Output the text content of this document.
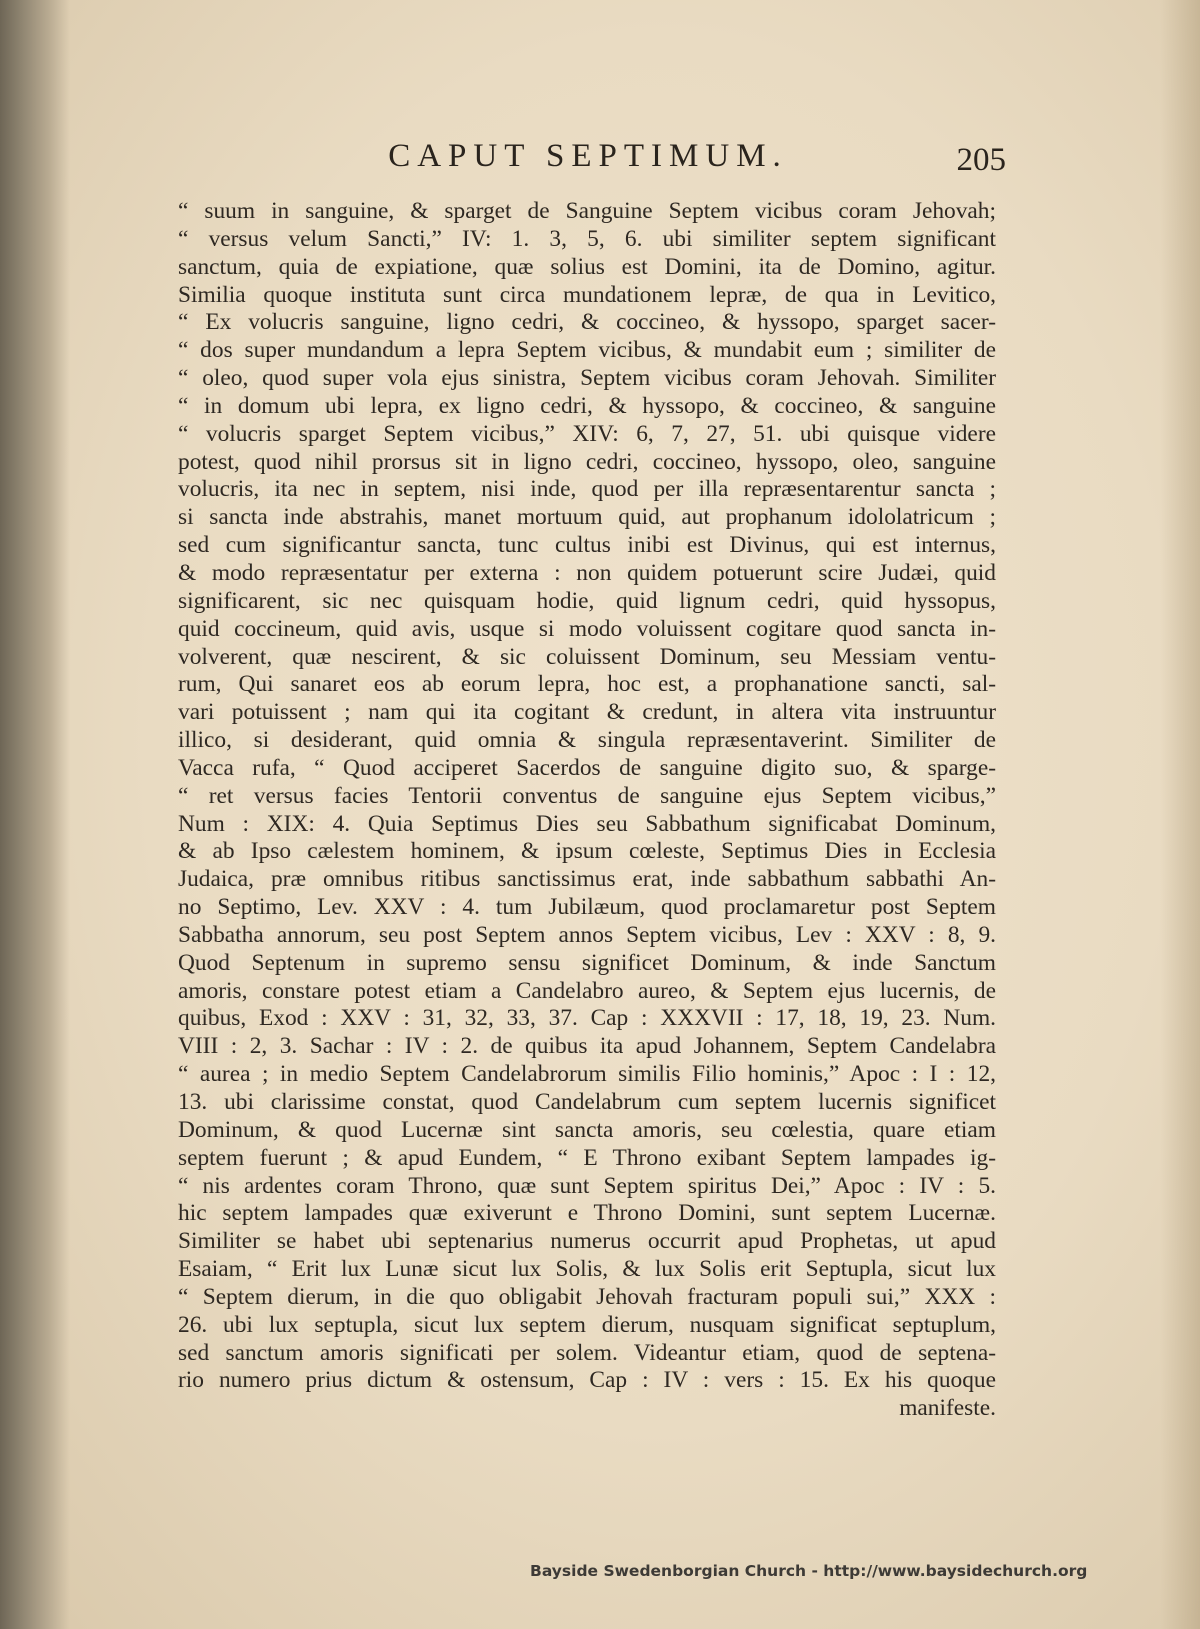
CAPUT SEPTIMUM.	205
“ suum in sanguine, & sparget de Sanguine Septem vicibus coram Jehovah;
“ versus velum Sancti,” IV: 1. 3, 5, 6. ubi similiter septem significant
sanctum, quia de expiatione, quæ solius est Domini, ita de Domino, agitur.
Similia quoque instituta sunt circa mundationem lepræ, de qua in Levitico,
“ Ex volucris sanguine, ligno cedri, & coccineo, & hyssopo, sparget sacer-
“ dos super mundandum a lepra Septem vicibus, & mundabit eum ; similiter de
“ oleo, quod super vola ejus sinistra, Septem vicibus coram Jehovah. Similiter
“ in domum ubi lepra, ex ligno cedri, & hyssopo, & coccineo, & sanguine
“ volucris sparget Septem vicibus,” XIV: 6, 7, 27, 51. ubi quisque videre
potest, quod nihil prorsus sit in ligno cedri, coccineo, hyssopo, oleo, sanguine
volucris, ita nec in septem, nisi inde, quod per illa repræsentarentur sancta ;
si sancta inde abstrahis, manet mortuum quid, aut prophanum idololatricum ;
sed cum significantur sancta, tunc cultus inibi est Divinus, qui est internus,
& modo repræsentatur per externa : non quidem potuerunt scire Judæi, quid
significarent, sic nec quisquam hodie, quid lignum cedri, quid hyssopus,
quid coccineum, quid avis, usque si modo voluissent cogitare quod sancta in-
volverent, quæ nescirent, & sic coluissent Dominum, seu Messiam ventu-
rum, Qui sanaret eos ab eorum lepra, hoc est, a prophanatione sancti, sal-
vari potuissent ; nam qui ita cogitant & credunt, in altera vita instruuntur
illico, si desiderant, quid omnia & singula repræsentaverint. Similiter de
Vacca rufa, “ Quod acciperet Sacerdos de sanguine digito suo, & sparge-
“ ret versus facies Tentorii conventus de sanguine ejus Septem vicibus,”
Num : XIX: 4. Quia Septimus Dies seu Sabbathum significabat Dominum,
& ab Ipso cælestem hominem, & ipsum cœleste, Septimus Dies in Ecclesia
Judaica, præ omnibus ritibus sanctissimus erat, inde sabbathum sabbathi An-
no Septimo, Lev. XXV : 4. tum Jubilæum, quod proclamaretur post Septem
Sabbatha annorum, seu post Septem annos Septem vicibus, Lev : XXV : 8, 9.
Quod Septenum in supremo sensu significet Dominum, & inde Sanctum
amoris, constare potest etiam a Candelabro aureo, & Septem ejus lucernis, de
quibus, Exod : XXV : 31, 32, 33, 37. Cap : XXXVII : 17, 18, 19, 23. Num.
VIII : 2, 3. Sachar : IV : 2. de quibus ita apud Johannem, Septem Candelabra
“ aurea ; in medio Septem Candelabrorum similis Filio hominis,” Apoc : I : 12,
13. ubi clarissime constat, quod Candelabrum cum septem lucernis significet
Dominum, & quod Lucernæ sint sancta amoris, seu cœlestia, quare etiam
septem fuerunt ; & apud Eundem, “ E Throno exibant Septem lampades ig-
“ nis ardentes coram Throno, quæ sunt Septem spiritus Dei,” Apoc : IV : 5.
hic septem lampades quæ exiverunt e Throno Domini, sunt septem Lucernæ.
Similiter se habet ubi septenarius numerus occurrit apud Prophetas, ut apud
Esaiam, “ Erit lux Lunæ sicut lux Solis, & lux Solis erit Septupla, sicut lux
“ Septem dierum, in die quo obligabit Jehovah fracturam populi sui,” XXX :
26. ubi lux septupla, sicut lux septem dierum, nusquam significat septuplum,
sed sanctum amoris significati per solem. Videantur etiam, quod de septena-
rio numero prius dictum & ostensum, Cap : IV : vers : 15. Ex his quoque
manifeste.
Bayside Swedenborgian Church - http://www.baysidechurch.org
